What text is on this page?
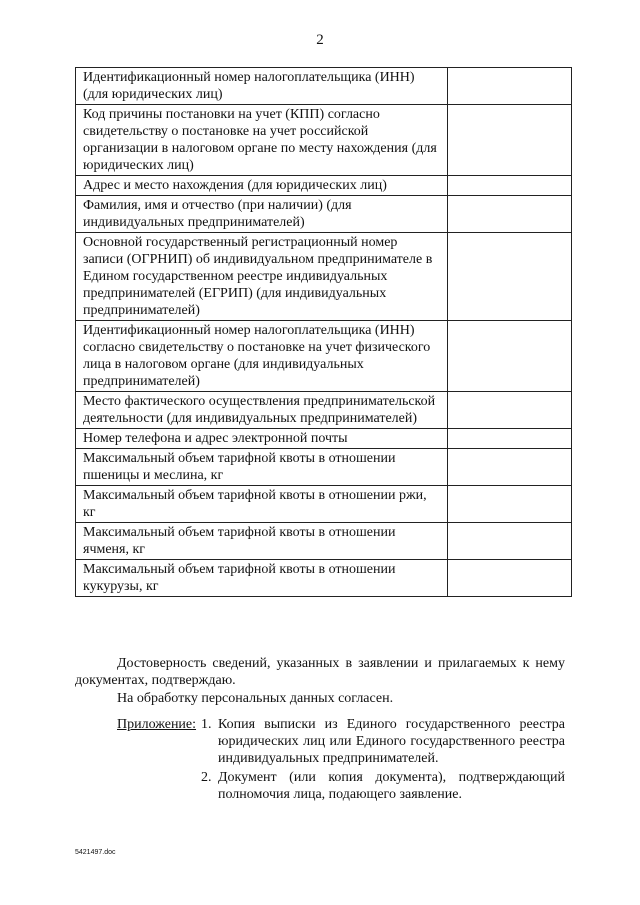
2
Идентификационный номер налогоплательщика (ИНН) (для юридических лиц)	
Код причины постановки на учет (КПП) согласно свидетельству о постановке на учет российской организации в налоговом органе по месту нахождения (для юридических лиц)	
Адрес и место нахождения (для юридических лиц)	
Фамилия, имя и отчество (при наличии) (для индивидуальных предпринимателей)	
Основной государственный регистрационный номер записи (ОГРНИП) об индивидуальном предпринимателе в Едином государственном реестре индивидуальных предпринимателей (ЕГРИП) (для индивидуальных предпринимателей)	
Идентификационный номер налогоплательщика (ИНН) согласно свидетельству о постановке на учет физического лица в налоговом органе (для индивидуальных предпринимателей)	
Место фактического осуществления предпринимательской деятельности (для индивидуальных предпринимателей)	
Номер телефона и адрес электронной почты	
Максимальный объем тарифной квоты в отношении пшеницы и меслина, кг	
Максимальный объем тарифной квоты в отношении ржи, кг	
Максимальный объем тарифной квоты в отношении ячменя, кг	
Максимальный объем тарифной квоты в отношении кукурузы, кг	
Достоверность сведений, указанных в заявлении и прилагаемых к нему документах, подтверждаю.
На обработку персональных данных согласен.
Приложение: 1. Копия выписки из Единого государственного реестра юридических лиц или Единого государственного реестра индивидуальных предпринимателей.
2. Документ (или копия документа), подтверждающий полномочия лица, подающего заявление.
5421497.doc
